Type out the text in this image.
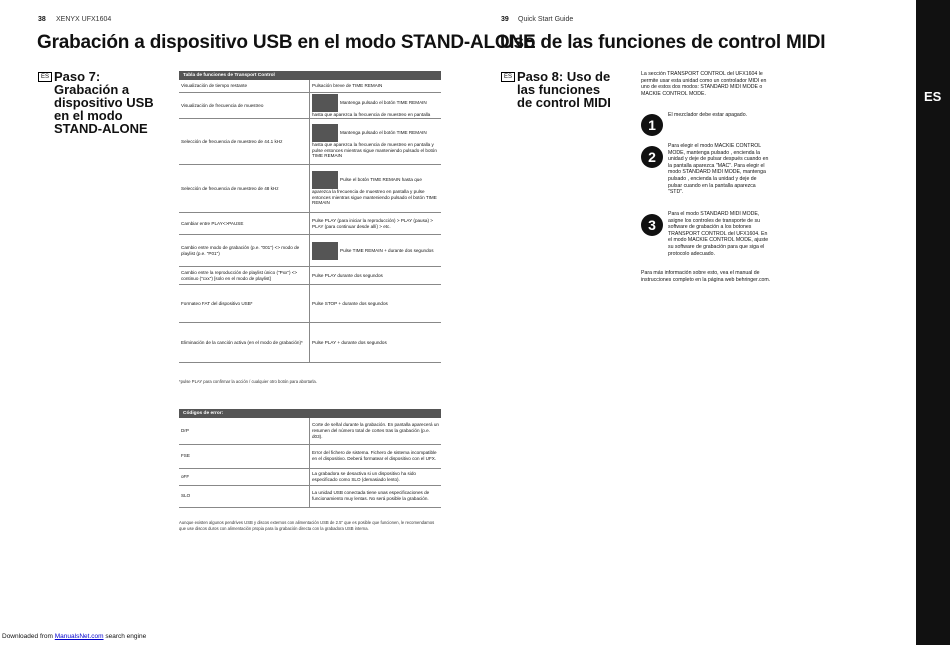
38 XENYX UFX1604
Grabación a dispositivo USB en el modo STAND-ALONE
ES Paso 7: Grabación a dispositivo USB en el modo STAND-ALONE
Tabla de funciones de Transport Control
Visualización de tiempo restante	Pulsación breve de TIME REMAIN
Visualización de frecuencia de muestreo	Mantenga pulsado el botón TIME REMAIN hasta que aparezca la frecuencia de muestreo en pantalla
Selección de frecuencia de muestreo de 44.1 kHz	Mantenga pulsado el botón TIME REMAIN hasta que aparezca la frecuencia de muestreo en pantalla y pulse entonces mientras sigue manteniendo pulsado el botón TIME REMAIN
Selección de frecuencia de muestreo de 48 kHz	Pulse el botón TIME REMAIN hasta que aparezca la frecuencia de muestreo en pantalla y pulse entonces mientras sigue manteniendo pulsado el botón TIME REMAIN
Cambiar entre PLAY<>PAUSE	Pulse PLAY (para iniciar la reproducción) > PLAY (pausa) > PLAY (para continuar desde allí) > etc.
Cambio entre modo de grabación (p.e. "001") <> modo de playlist (p.e. "P01")	Pulse TIME REMAIN + durante dos segundos
Cambio entre la reproducción de playlist único ("Pxx") <> continuo ("cxx") [solo en el modo de playlist]	Pulse PLAY durante dos segundos
Formateo FAT del dispositivo USB*	Pulse STOP + durante dos segundos
Eliminación de la canción activa (en el modo de grabación)*	Pulse PLAY + durante dos segundos
*pulse PLAY para confirmar la acción / cualquier otro botón para abortarla.
Códigos de error:
DrP	Corte de señal durante la grabación. En pantalla aparecerá un resumen del número total de cortes tras la grabación (p.e. d03).
FSE	Error del fichero de sistema. Fichero de sistema incompatible en el dispositivo. Deberá formatear el dispositivo con el UFX.
oFF	La grabadora se desactiva si un dispositivo ha sido especificado como SLO (demasiado lento).
SLO	La unidad USB conectada tiene unas especificaciones de funcionamiento muy lentas. No será posible la grabación.
Aunque existen algunos pendrives USB y discos externos con alimentación USB de 2.5" que es posible que funcionen, le recomendamos que use discos duros con alimentación propia para la grabación directa con la grabadora USB interna.
39 Quick Start Guide
Uso de las funciones de control MIDI
ES Paso 8: Uso de las funciones de control MIDI
La sección TRANSPORT CONTROL del UFX1604 le permite usar esta unidad como un controlador MIDI en uno de estos dos modos: STANDARD MIDI MODE o MACKIE CONTROL MODE.
1
El mezclador debe estar apagado.
2
Para elegir el modo MACKIE CONTROL MODE, mantenga pulsado , encienda la unidad y deje de pulsar después cuando en la pantalla aparezca "MAC". Para elegir el modo STANDARD MIDI MODE, mantenga pulsado , encienda la unidad y deje de pulsar cuando en la pantalla aparezca "STD".
3
Para el modo STANDARD MIDI MODE, asigne los controles de transporte de su software de grabación a los botones TRANSPORT CONTROL del UFX1604. En el modo MACKIE CONTROL MODE, ajuste su software de grabación para que siga el protocolo adecuado.
Para más información sobre esto, vea el manual de instrucciones completo en la página web behringer.com.
ES
Downloaded from ManualsNet.com search engine
